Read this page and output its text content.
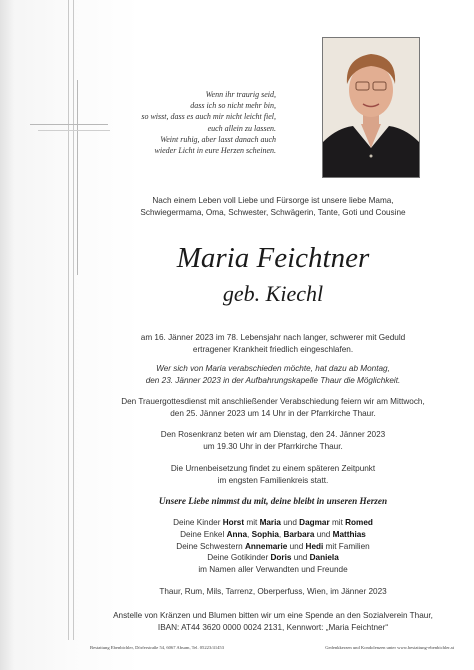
Wenn ihr traurig seid,
dass ich so nicht mehr bin,
so wisst, dass es auch mir nicht leicht fiel,
euch allein zu lassen.
Weint ruhig, aber lasst danach auch
wieder Licht in eure Herzen scheinen.
Nach einem Leben voll Liebe und Fürsorge ist unsere liebe Mama,
Schwiegermama, Oma, Schwester, Schwägerin, Tante, Goti und Cousine
Maria Feichtner
geb. Kiechl
am 16. Jänner 2023 im 78. Lebensjahr nach langer, schwerer mit Geduld
ertragener Krankheit friedlich eingeschlafen.
Wer sich von Maria verabschieden möchte, hat dazu ab Montag,
den 23. Jänner 2023 in der Aufbahrungskapelle Thaur die Möglichkeit.
Den Trauergottesdienst mit anschließender Verabschiedung feiern wir am Mittwoch,
den 25. Jänner 2023 um 14 Uhr in der Pfarrkirche Thaur.
Den Rosenkranz beten wir am Dienstag, den 24. Jänner 2023
um 19.30 Uhr in der Pfarrkirche Thaur.
Die Urnenbeisetzung findet zu einem späteren Zeitpunkt
im engsten Familienkreis statt.
Unsere Liebe nimmst du mit, deine bleibt in unseren Herzen
Deine Kinder Horst mit Maria und Dagmar mit Romed
Deine Enkel Anna, Sophia, Barbara und Matthias
Deine Schwestern Annemarie und Hedi mit Familien
Deine Gotikinder Doris und Daniela
im Namen aller Verwandten und Freunde
Thaur, Rum, Mils, Tarrenz, Oberperfuss, Wien, im Jänner 2023
Anstelle von Kränzen und Blumen bitten wir um eine Spende an den Sozialverein Thaur,
IBAN: AT44 3620 0000 0024 2131, Kennwort: „Maria Feichtner“
Bestattung Ebenbichler, Dörferstraße 54, 6067 Absam, Tel. 05223/41453	Gedenkkerzen und Kondolenzen unter www.bestattung-ebenbichler.at
